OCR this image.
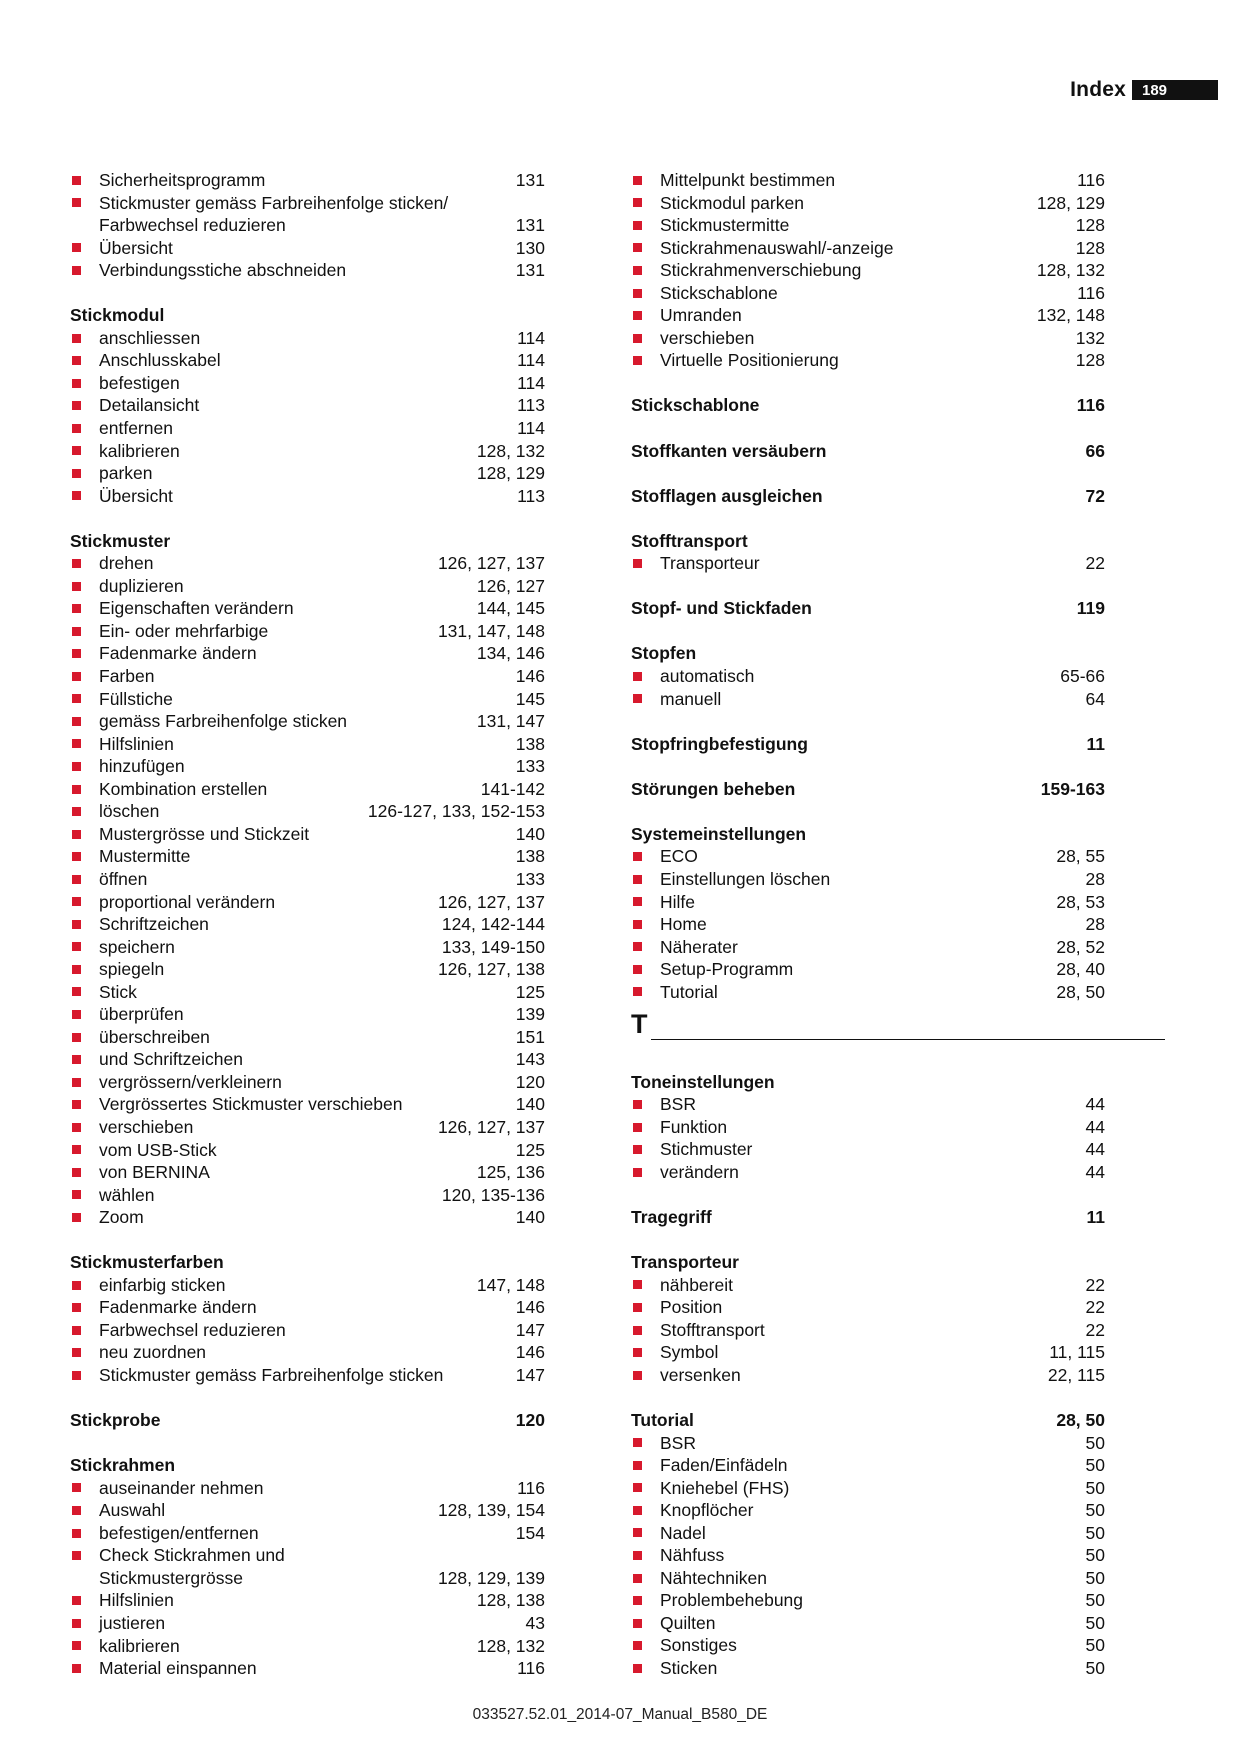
Index	189
Sicherheitsprogramm	131
Stickmuster gemäss Farbreihenfolge sticken/
Farbwechsel reduzieren	131
Übersicht	130
Verbindungsstiche abschneiden	131
Stickmodul
anschliessen	114
Anschlusskabel	114
befestigen	114
Detailansicht	113
entfernen	114
kalibrieren	128, 132
parken	128, 129
Übersicht	113
Stickmuster
drehen	126, 127, 137
duplizieren	126, 127
Eigenschaften verändern	144, 145
Ein- oder mehrfarbige	131, 147, 148
Fadenmarke ändern	134, 146
Farben	146
Füllstiche	145
gemäss Farbreihenfolge sticken	131, 147
Hilfslinien	138
hinzufügen	133
Kombination erstellen	141-142
löschen	126-127, 133, 152-153
Mustergrösse und Stickzeit	140
Mustermitte	138
öffnen	133
proportional verändern	126, 127, 137
Schriftzeichen	124, 142-144
speichern	133, 149-150
spiegeln	126, 127, 138
Stick	125
überprüfen	139
überschreiben	151
und Schriftzeichen	143
vergrössern/verkleinern	120
Vergrössertes Stickmuster verschieben	140
verschieben	126, 127, 137
vom USB-Stick	125
von BERNINA	125, 136
wählen	120, 135-136
Zoom	140
Stickmusterfarben
einfarbig sticken	147, 148
Fadenmarke ändern	146
Farbwechsel reduzieren	147
neu zuordnen	146
Stickmuster gemäss Farbreihenfolge sticken	147
Stickprobe	120
Stickrahmen
auseinander nehmen	116
Auswahl	128, 139, 154
befestigen/entfernen	154
Check Stickrahmen und
Stickmustergrösse	128, 129, 139
Hilfslinien	128, 138
justieren	43
kalibrieren	128, 132
Material einspannen	116
Mittelpunkt bestimmen	116
Stickmodul parken	128, 129
Stickmustermitte	128
Stickrahmenauswahl/-anzeige	128
Stickrahmenverschiebung	128, 132
Stickschablone	116
Umranden	132, 148
verschieben	132
Virtuelle Positionierung	128
Stickschablone	116
Stoffkanten versäubern	66
Stofflagen ausgleichen	72
Stofftransport
Transporteur	22
Stopf- und Stickfaden	119
Stopfen
automatisch	65-66
manuell	64
Stopfringbefestigung	11
Störungen beheben	159-163
Systemeinstellungen
ECO	28, 55
Einstellungen löschen	28
Hilfe	28, 53
Home	28
Näherater	28, 52
Setup-Programm	28, 40
Tutorial	28, 50
T
Toneinstellungen
BSR	44
Funktion	44
Stichmuster	44
verändern	44
Tragegriff	11
Transporteur
nähbereit	22
Position	22
Stofftransport	22
Symbol	11, 115
versenken	22, 115
Tutorial	28, 50
BSR	50
Faden/Einfädeln	50
Kniehebel (FHS)	50
Knopflöcher	50
Nadel	50
Nähfuss	50
Nähtechniken	50
Problembehebung	50
Quilten	50
Sonstiges	50
Sticken	50
033527.52.01_2014-07_Manual_B580_DE
